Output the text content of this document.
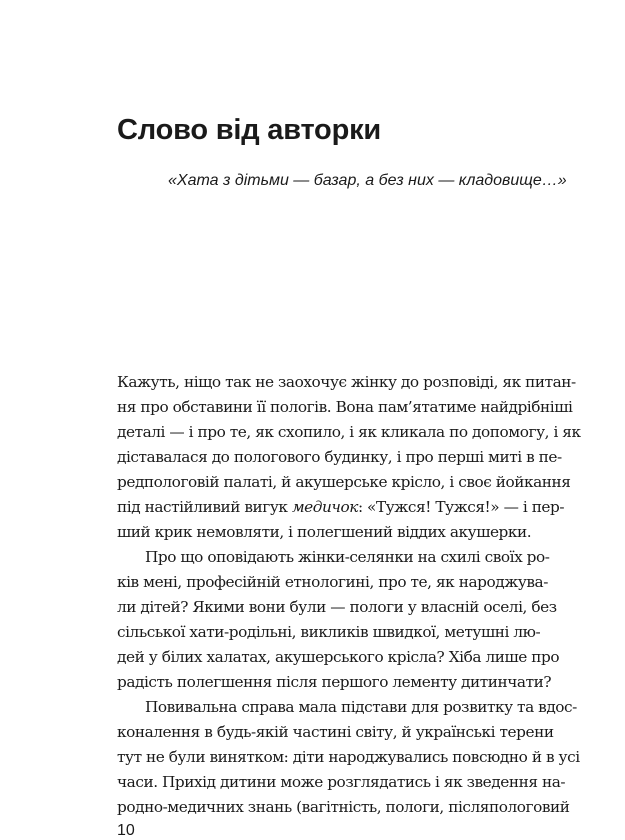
Слово від авторки

«Хата з дітьми — базар, а без них — кладовище…»

Кажуть, ніщо так не заохочує жінку до розповіді, як питан-
ня про обставини її пологів. Вона пам’ятатиме найдрібніші
деталі — і про те, як схопило, і як кликала по допомогу, і як
діставалася до пологового будинку, і про перші миті в пе-
редпологовій палаті, й акушерське крісло, і своє йойкання
під настійливий вигук медичок: «Тужся! Тужся!» — і пер-
ший крик немовляти, і полегшений віддих акушерки.
Про що оповідають жінки-селянки на схилі своїх ро-
ків мені, професійній етнологині, про те, як народжува-
ли дітей? Якими вони були — пологи у власній оселі, без
сільської хати-родільні, викликів швидкої, метушні лю-
дей у білих халатах, акушерського крісла? Хіба лише про
радість полегшення після першого лементу дитинчати?
Повивальна справа мала підстави для розвитку та вдос-
коналення в будь-якій частині світу, й українські терени
тут не були винятком: діти народжувались повсюдно й в усі
часи. Прихід дитини може розглядатись і як зведення на-
родно-медичних знань (вагітність, пологи, післяпологовий
10
